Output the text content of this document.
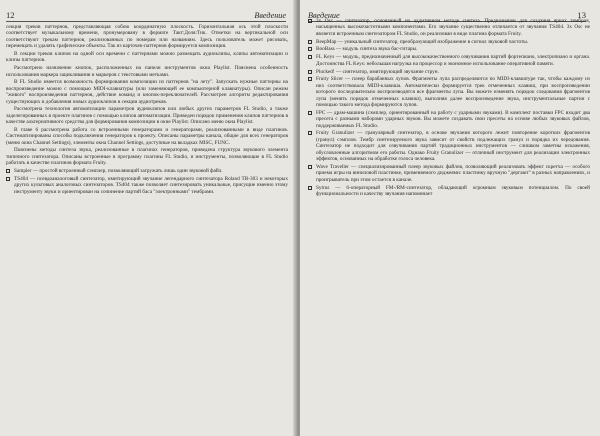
12	Введение

секция треков паттернов, представляющая собою координатную плоскость. Горизонтальная ось этой плоскости соответствует музыкальному времени, пронумеровану в формате Такт:Доля:Тик. Отметки на вертикальной оси соответствуют трекам паттернов, реализованных по номерам или названиям. Здесь пользователь может рисовать, перемещать и удалять графические объекты. Так из карточек-паттернов формируется композиция.

В секции треков клипов на одной оси времени с паттернами можно размещать аудиоклипы, клипы автоматизации и клипы паттернов.

Рассмотрено назначение кнопок, расположенных на панели инструментов окна Playlist. Пояснена особенность использования маркера зацикливания и маркеров с текстовыми метками.

В FL Studio имеется возможность формирования композиции из паттернов "на лету". Запускать нужные паттерны на воспроизведение можно с помощью MIDI-клавиатуры (или заменяющей ее компьютерной клавиатуры). Описан режим "живого" воспроизведения паттернов, действие команд и кнопок-переключателей. Рассмотрен алгоритм редактирования существующих и добавления новых аудиоклипов в секции аудиотреков.

Рассмотрена технология автоматизации параметров аудиоклипов или любых других параметров FL Studio, а также заделегированных в проекте плагинов с помощью клипов автоматизации. Приведен порядок применения клипов паттернов в качестве альтернативного средства для формирования композиции в окне Playlist. Описано меню окна Playlist.

В главе 6 рассмотрена работа со встроенными генераторами и генераторами, реализованными в виде плагинов. Систематизированы способы подключения генераторов к проекту. Описаны параметры канала, общие для всех генераторов (меню окна Channel Settings), элементы окна Channel Settings, доступные на вкладках MISC, FUNC.

Пояснены методы синтеза звука, реализованные в плагинах генераторов, приведена структура звукового элемента типичного синтезатора. Описаны встроенные в программу плагины FL Studio, и инструменты, позволяющие в FL Studio работать в качестве плагинов формата Fruity.

Sampler — простой встроенный сэмплер, позволяющий загружать лишь один звуковой файл.
TS404 — псевдоаналоговый синтезатор, имитирующий звучание легендарного синтезатора Roland TB-303 и некоторых других культовых аналоговых синтезаторов. TS404 также позволяет синтезировать уникальные, присущие именно этому инструменту звуки и ориентирован на сочинение партий баса "электронными" тембрами.
Введение	13
3x Osc — синтезатор, основанный на аддитивном методе синтеза. Предназначен для создания ярких тембров, насыщенных высокочастотными компонентами. Его звучание существенно отличается от звучания TS404. 3x Osc не является встроенным синтезатором FL Studio, он реализован в виде плагина формата Fruity.
BeepMap — уникальный синтезатор, преобразующий изображение в сигнал звуковой частоты.
BooBass — модуль синтеза звука бас-гитары.
FL Keys — модуль, предназначенный для высококачественного озвучивания партий фортепиано, электропиано и органа. Достоинства FL Keys: небольшая нагрузка на процессор и экономное использование оперативной памяти.
Plucked! — синтезатор, имитирующий звучание струн.
Fruity Slicer — плеер барабанных лупов. Фрагменты лупа распределяются по MIDI-клавиатуре так, чтобы каждому из них соответствовала MIDI-клавиша. Автоматически формируется трек отмеченных клавиш, при воспроизведении которого последовательно воспроизводятся все фрагменты лупа. Вы можете изменять порядок следования фрагментов лупа (менять порядок отмеченных клавиш), выполняя далее воспроизведение звука, инструментальные партии с помощью такого метода формируются лупов.
FPC — драм-машина (сэмплер, ориентированный на работу с ударными звуками). В комплект поставки FPC входит два пресета с разными наборами ударных звуков. Вы можете создавать свои пресеты на основе любых звуковых файлов, поддерживаемых FL Studio.
Fruity Granulizer — гранулярный синтезатор, в основе звучания которого лежит повторение коротких фрагментов (гранул) сэмплов. Тембр синтезируемого звука зависит от свойств подлежащих гранул и порядка их чередования. Синтезатор не подходит для озвучивания партий традиционных инструментов — слишком заметны искажения, обусловленные алгоритмом его работы. Однако Fruity Granulizer — отличный инструмент для реализации электронных эффектов, основанных на обработке голоса человека.
Wave Traveller — специализированный плеер звуковых файлов, позволяющий реализовать эффект скретча — особого приема игры на виниловой пластинке, применяемого диджеями: пластинку вручную "дергают" в разных направлениях, и проигрыватель при этом остается в канале.
Sytrus — 6-операторный FM-/RM-синтезатор, обладающий огромным звуковым потенциалом. По своей функциональности и качеству звучания напоминает
